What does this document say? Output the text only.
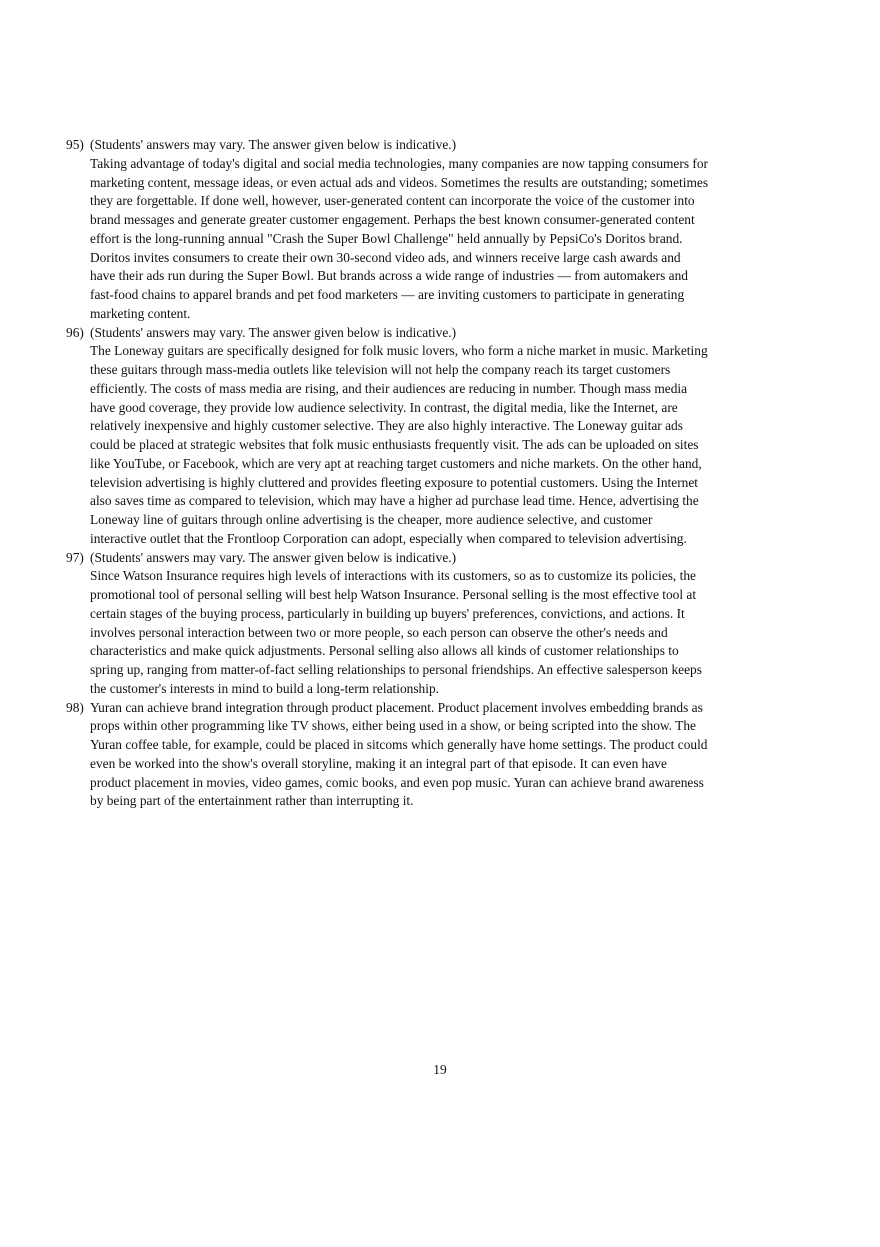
95) (Students' answers may vary. The answer given below is indicative.)
Taking advantage of today's digital and social media technologies, many companies are now tapping consumers for
marketing content, message ideas, or even actual ads and videos. Sometimes the results are outstanding; sometimes
they are forgettable. If done well, however, user-generated content can incorporate the voice of the customer into
brand messages and generate greater customer engagement. Perhaps the best known consumer-generated content
effort is the long-running annual "Crash the Super Bowl Challenge" held annually by PepsiCo's Doritos brand.
Doritos invites consumers to create their own 30-second video ads, and winners receive large cash awards and
have their ads run during the Super Bowl. But brands across a wide range of industries — from automakers and
fast-food chains to apparel brands and pet food marketers — are inviting customers to participate in generating
marketing content.
96) (Students' answers may vary. The answer given below is indicative.)
The Loneway guitars are specifically designed for folk music lovers, who form a niche market in music. Marketing
these guitars through mass-media outlets like television will not help the company reach its target customers
efficiently. The costs of mass media are rising, and their audiences are reducing in number. Though mass media
have good coverage, they provide low audience selectivity. In contrast, the digital media, like the Internet, are
relatively inexpensive and highly customer selective. They are also highly interactive. The Loneway guitar ads
could be placed at strategic websites that folk music enthusiasts frequently visit. The ads can be uploaded on sites
like YouTube, or Facebook, which are very apt at reaching target customers and niche markets. On the other hand,
television advertising is highly cluttered and provides fleeting exposure to potential customers. Using the Internet
also saves time as compared to television, which may have a higher ad purchase lead time. Hence, advertising the
Loneway line of guitars through online advertising is the cheaper, more audience selective, and customer
interactive outlet that the Frontloop Corporation can adopt, especially when compared to television advertising.
97) (Students' answers may vary. The answer given below is indicative.)
Since Watson Insurance requires high levels of interactions with its customers, so as to customize its policies, the
promotional tool of personal selling will best help Watson Insurance. Personal selling is the most effective tool at
certain stages of the buying process, particularly in building up buyers' preferences, convictions, and actions. It
involves personal interaction between two or more people, so each person can observe the other's needs and
characteristics and make quick adjustments. Personal selling also allows all kinds of customer relationships to
spring up, ranging from matter-of-fact selling relationships to personal friendships. An effective salesperson keeps
the customer's interests in mind to build a long-term relationship.
98) Yuran can achieve brand integration through product placement. Product placement involves embedding brands as
props within other programming like TV shows, either being used in a show, or being scripted into the show. The
Yuran coffee table, for example, could be placed in sitcoms which generally have home settings. The product could
even be worked into the show's overall storyline, making it an integral part of that episode. It can even have
product placement in movies, video games, comic books, and even pop music. Yuran can achieve brand awareness
by being part of the entertainment rather than interrupting it.
19
